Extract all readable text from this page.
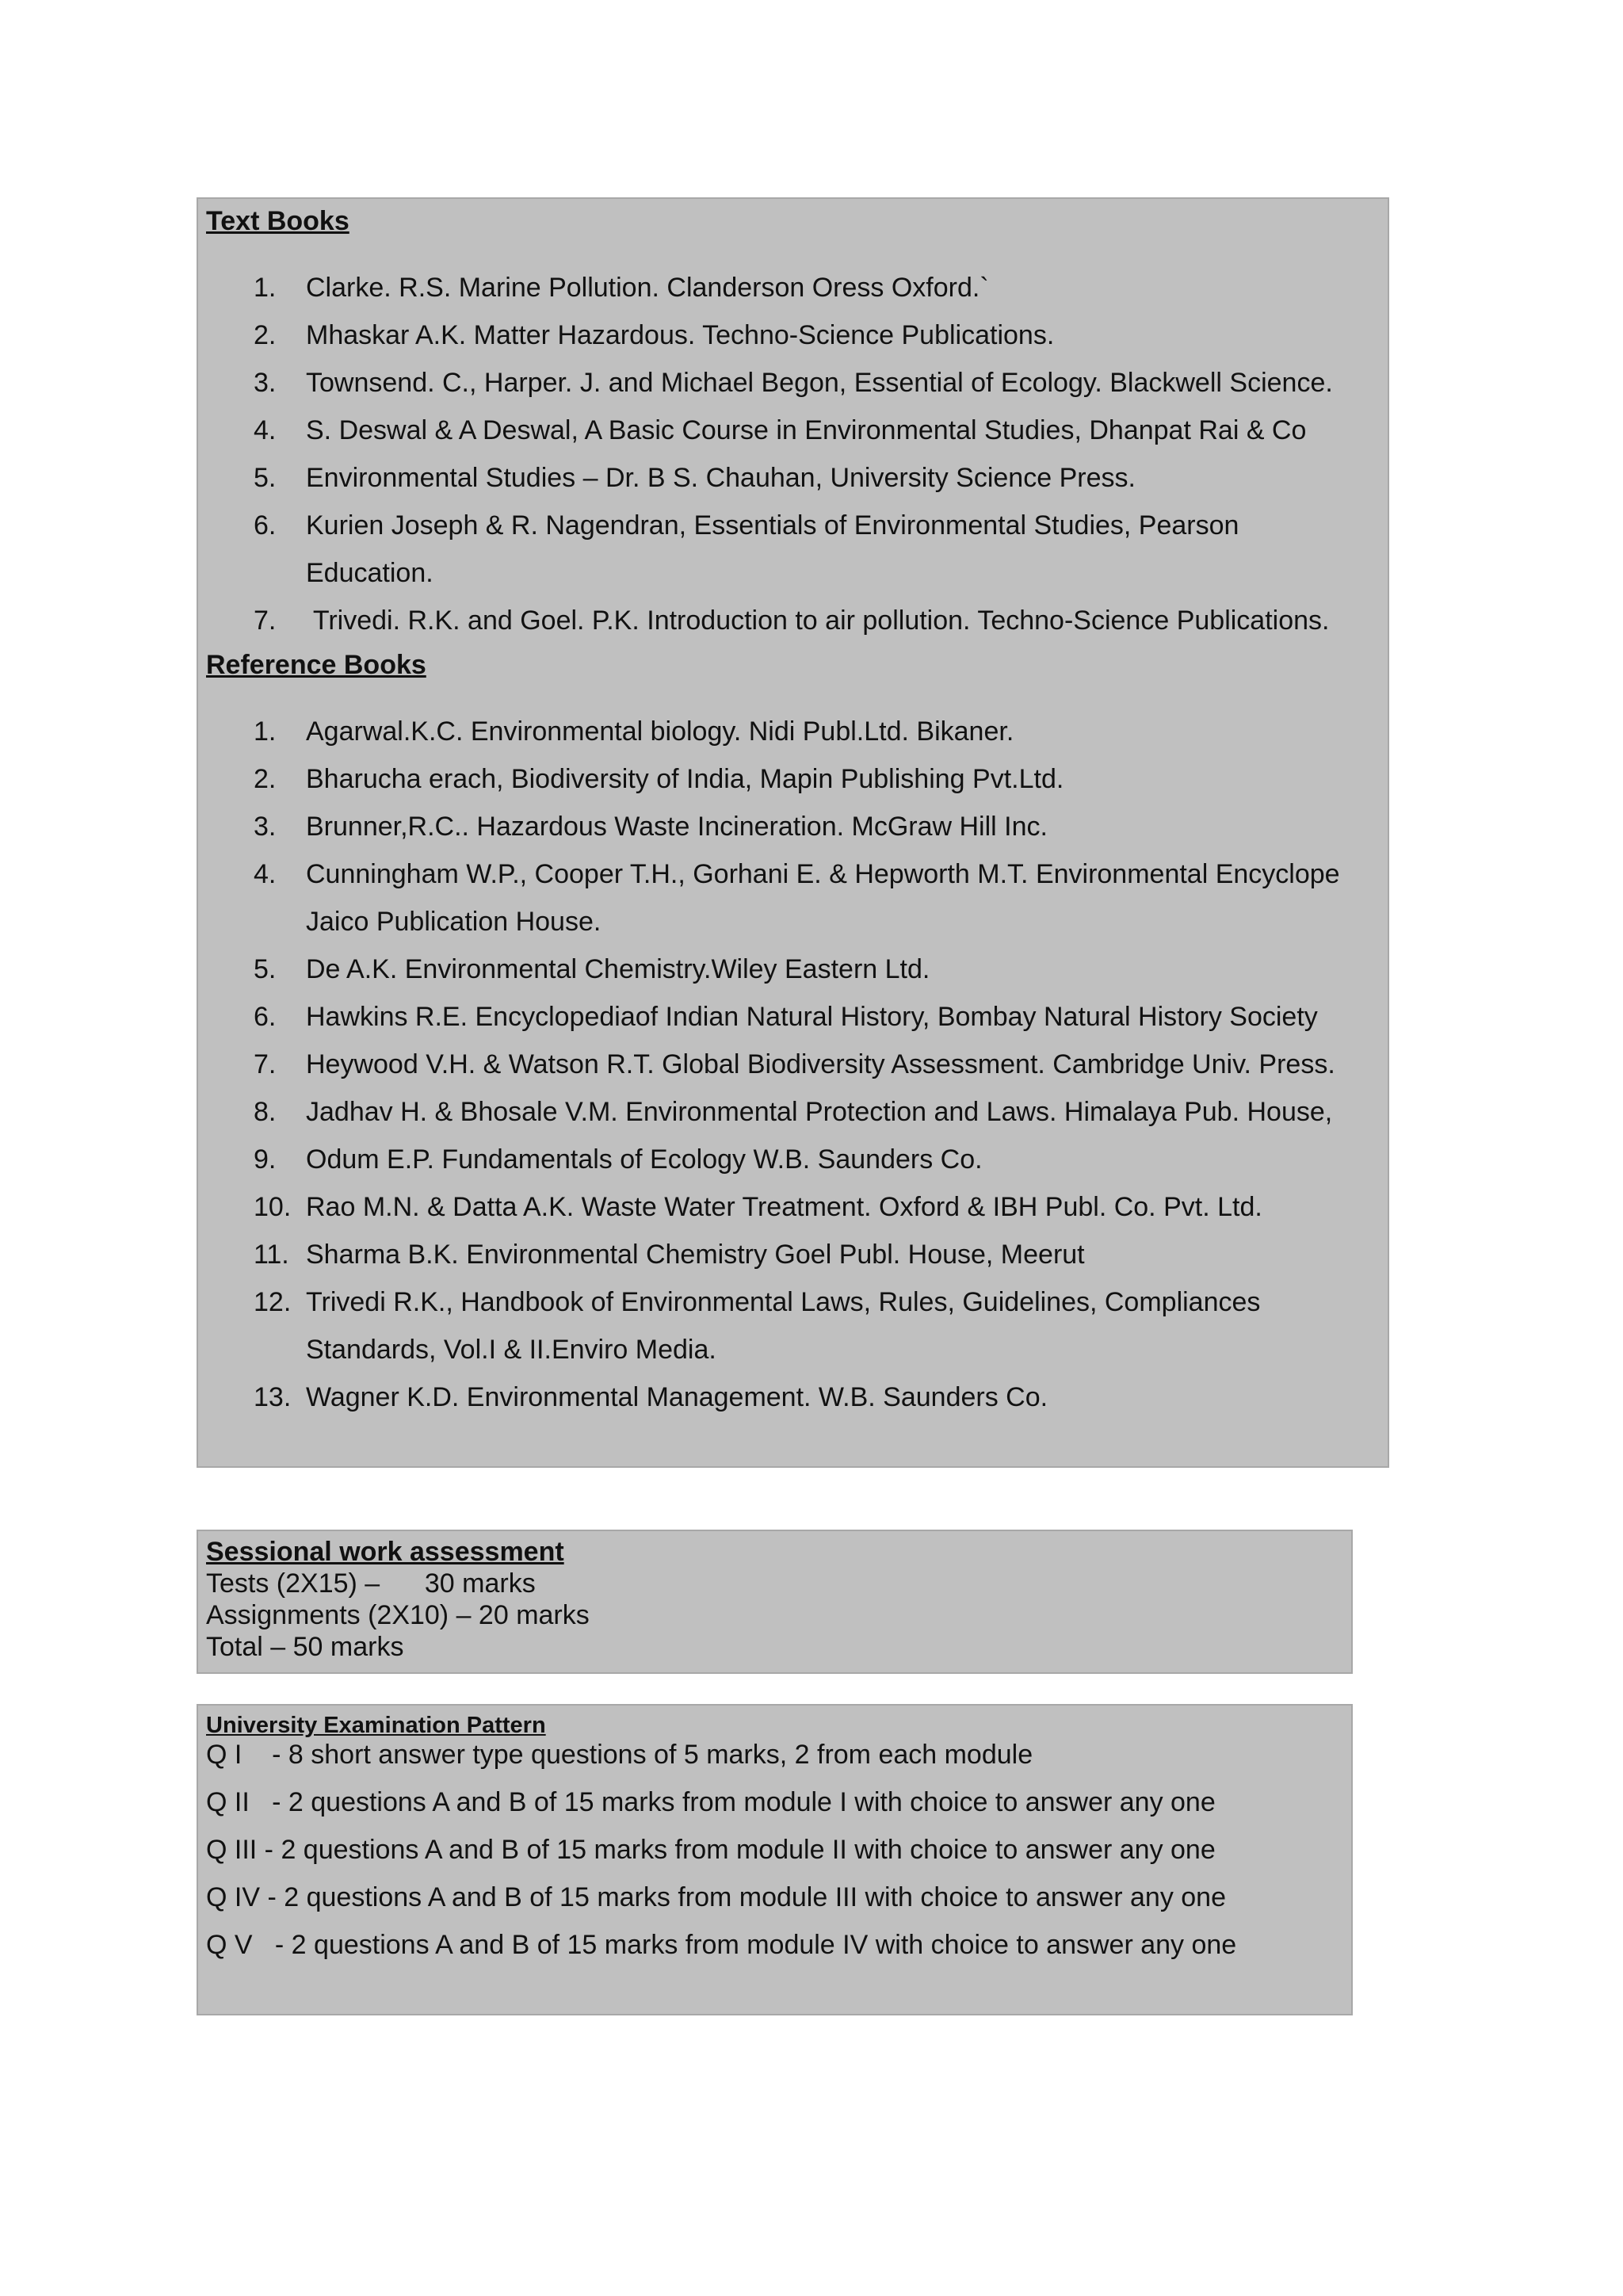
Text Books
1.	Clarke. R.S. Marine Pollution. Clanderson Oress Oxford.`
2.	Mhaskar A.K. Matter Hazardous. Techno-Science Publications.
3.	Townsend. C., Harper. J. and Michael Begon, Essential of Ecology. Blackwell Science.
4.	S. Deswal & A Deswal, A Basic Course in Environmental Studies, Dhanpat Rai & Co
5.	Environmental Studies – Dr. B S. Chauhan, University Science Press.
6.	Kurien Joseph & R. Nagendran, Essentials of Environmental Studies, Pearson
Education.
7.	Trivedi. R.K. and Goel. P.K. Introduction to air pollution. Techno-Science Publications.
Reference Books
1.	Agarwal.K.C. Environmental biology. Nidi Publ.Ltd. Bikaner.
2.	Bharucha erach, Biodiversity of India, Mapin Publishing Pvt.Ltd.
3.	Brunner,R.C.. Hazardous Waste Incineration. McGraw Hill Inc.
4.	Cunningham W.P., Cooper T.H., Gorhani E. & Hepworth M.T. Environmental Encyclope
Jaico Publication House.
5.	De A.K. Environmental Chemistry.Wiley Eastern Ltd.
6.	Hawkins R.E. Encyclopediaof Indian Natural History, Bombay Natural History Society
7.	Heywood V.H. & Watson R.T. Global Biodiversity Assessment. Cambridge Univ. Press.
8.	Jadhav H. & Bhosale V.M. Environmental Protection and Laws. Himalaya Pub. House,
9.	Odum E.P. Fundamentals of Ecology W.B. Saunders Co.
10. Rao M.N. & Datta A.K. Waste Water Treatment. Oxford & IBH Publ. Co. Pvt. Ltd.
11. Sharma B.K. Environmental Chemistry Goel Publ. House, Meerut
12. Trivedi R.K., Handbook of Environmental Laws, Rules, Guidelines, Compliances
Standards, Vol.I & II.Enviro Media.
13. Wagner K.D. Environmental Management. W.B. Saunders Co.
Sessional work assessment
Tests (2X15) –      30 marks
Assignments (2X10) – 20 marks
Total – 50 marks
University Examination Pattern
Q I    - 8 short answer type questions of 5 marks, 2 from each module
Q II   - 2 questions A and B of 15 marks from module I with choice to answer any one
Q III - 2 questions A and B of 15 marks from module II with choice to answer any one
Q IV - 2 questions A and B of 15 marks from module III with choice to answer any one
Q V   - 2 questions A and B of 15 marks from module IV with choice to answer any one
